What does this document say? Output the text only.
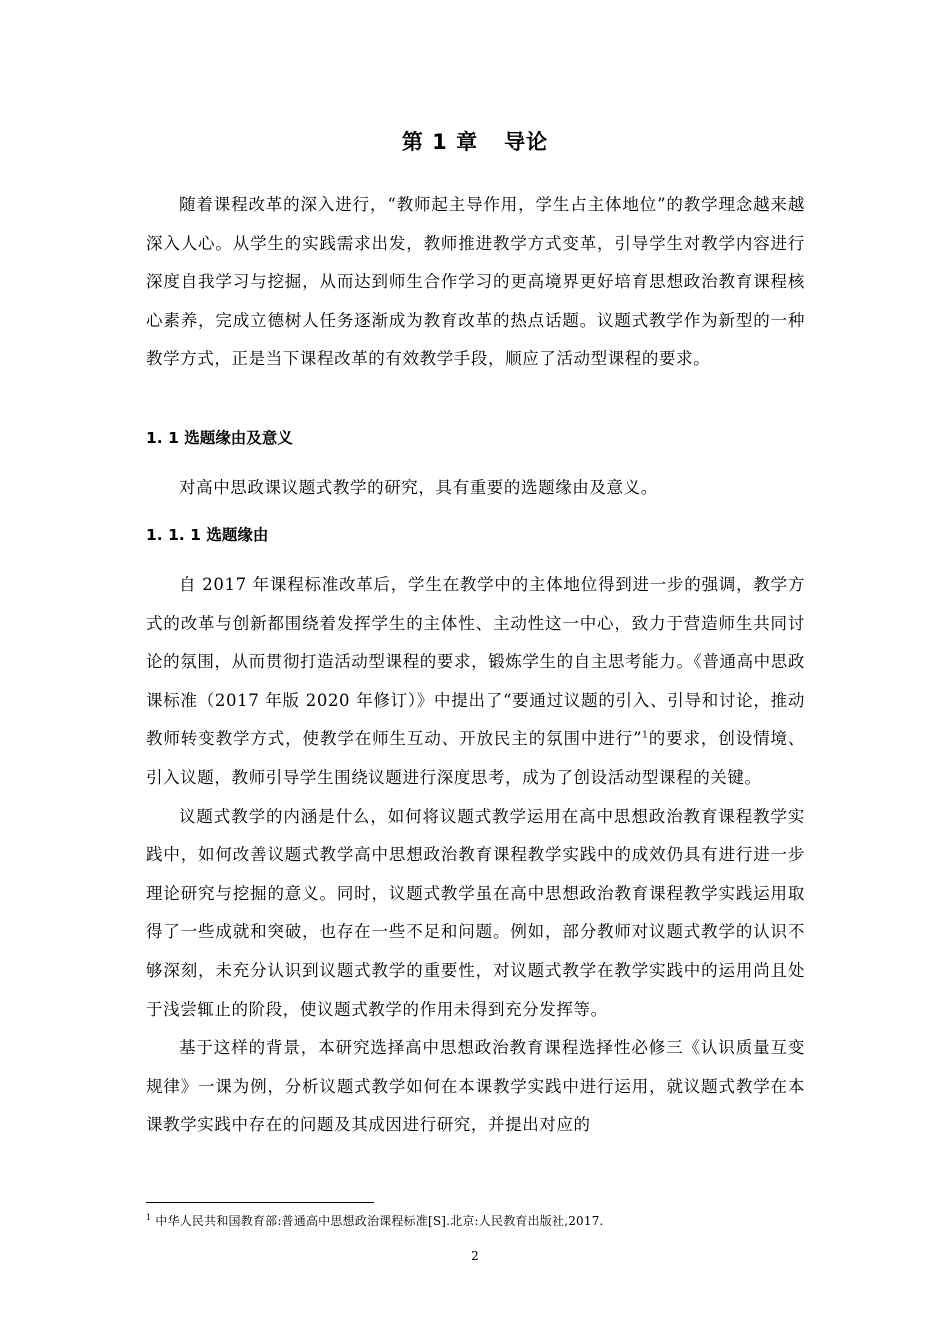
第 1 章 导论

随着课程改革的深入进行，“教师起主导作用，学生占主体地位”的教学理念越来越深入人心。从学生的实践需求出发，教师推进教学方式变革，引导学生对教学内容进行深度自我学习与挖掘，从而达到师生合作学习的更高境界更好培育思想政治教育课程核心素养，完成立德树人任务逐渐成为教育改革的热点话题。议题式教学作为新型的一种教学方式，正是当下课程改革的有效教学手段，顺应了活动型课程的要求。

1. 1 选题缘由及意义

对高中思政课议题式教学的研究，具有重要的选题缘由及意义。

1. 1. 1 选题缘由

自 2017 年课程标准改革后，学生在教学中的主体地位得到进一步的强调，教学方式的改革与创新都围绕着发挥学生的主体性、主动性这一中心，致力于营造师生共同讨论的氛围，从而贯彻打造活动型课程的要求，锻炼学生的自主思考能力。《普通高中思政课标准（2017 年版 2020 年修订）》中提出了“要通过议题的引入、引导和讨论，推动教师转变教学方式，使教学在师生互动、开放民主的氛围中进行”$^1$的要求，创设情境、引入议题，教师引导学生围绕议题进行深度思考，成为了创设活动型课程的关键。

议题式教学的内涵是什么，如何将议题式教学运用在高中思想政治教育课程教学实践中，如何改善议题式教学高中思想政治教育课程教学实践中的成效仍具有进行进一步理论研究与挖掘的意义。同时，议题式教学虽在高中思想政治教育课程教学实践运用取得了一些成就和突破，也存在一些不足和问题。例如，部分教师对议题式教学的认识不够深刻，未充分认识到议题式教学的重要性，对议题式教学在教学实践中的运用尚且处于浅尝辄止的阶段，使议题式教学的作用未得到充分发挥等。

基于这样的背景，本研究选择高中思想政治教育课程选择性必修三《认识质量互变规律》一课为例，分析议题式教学如何在本课教学实践中进行运用，就议题式教学在本课教学实践中存在的问题及其成因进行研究，并提出对应的

$^1$ 中华人民共和国教育部:普通高中思想政治课程标准[S].北京:人民教育出版社,2017.

2
